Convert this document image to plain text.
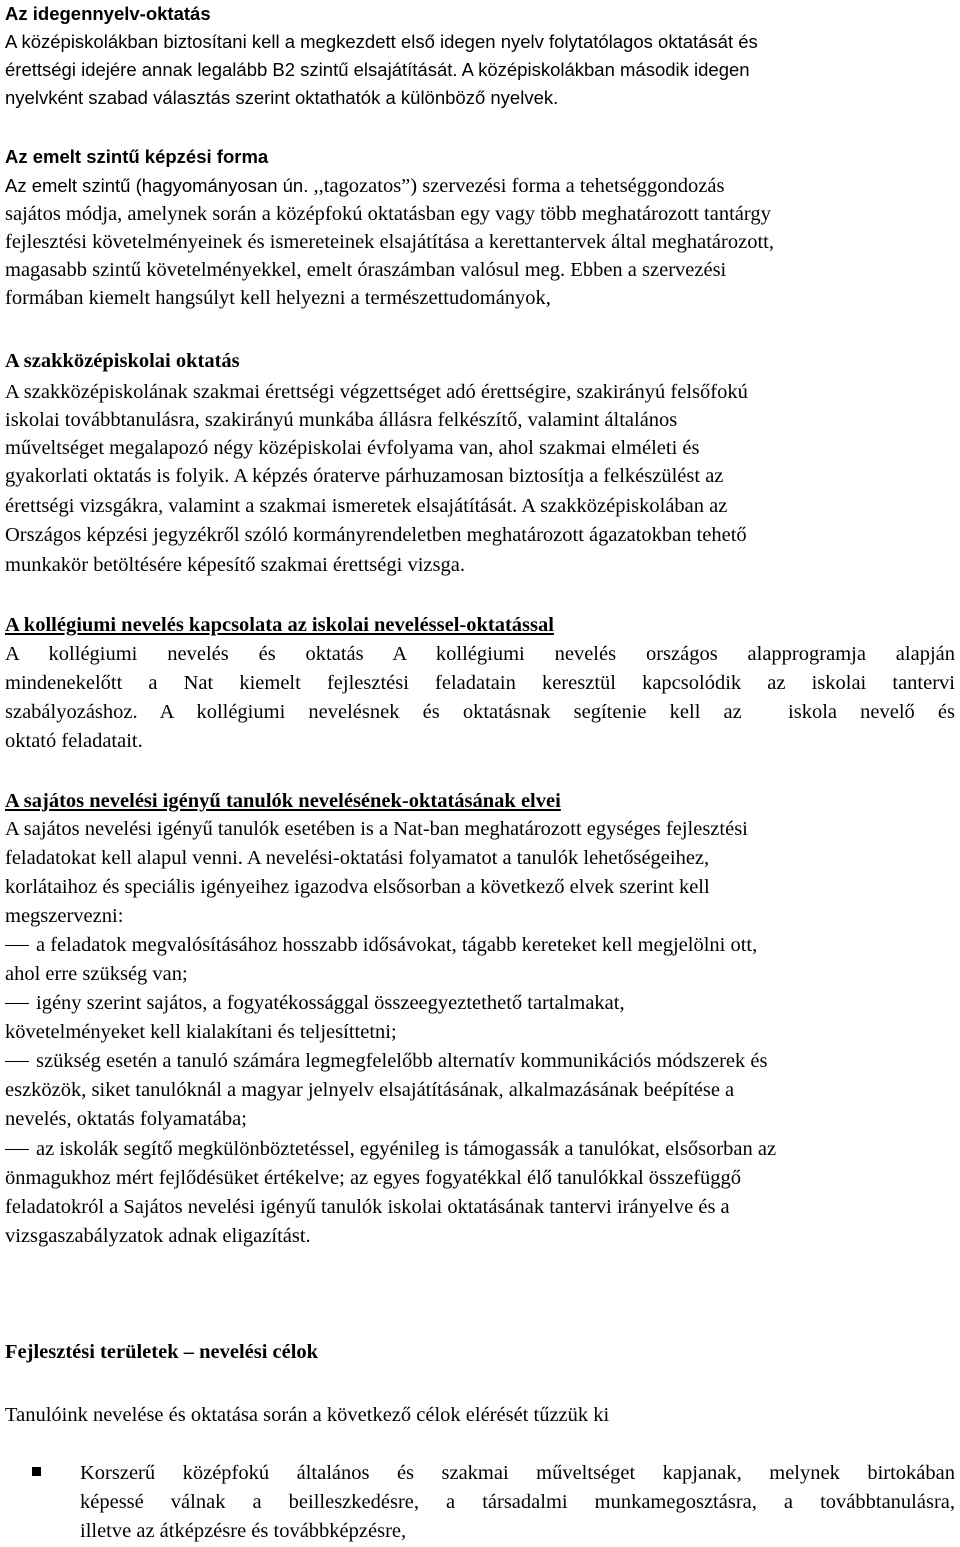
Az idegennyelv-oktatás
A középiskolákban biztosítani kell a megkezdett első idegen nyelv folytatólagos oktatását és
érettségi idejére annak legalább B2 szintű elsajátítását. A középiskolákban második idegen
nyelvként szabad választás szerint oktathatók a különböző nyelvek.
Az emelt szintű képzési forma
Az emelt szintű (hagyományosan ún. ,,tagozatos”) szervezési forma a tehetséggondozás
sajátos módja, amelynek során a középfokú oktatásban egy vagy több meghatározott tantárgy
fejlesztési követelményeinek és ismereteinek elsajátítása a kerettantervek által meghatározott,
magasabb szintű követelményekkel, emelt óraszámban valósul meg. Ebben a szervezési
formában kiemelt hangsúlyt kell helyezni a természettudományok,
A szakközépiskolai oktatás
A szakközépiskolának szakmai érettségi végzettséget adó érettségire, szakirányú felsőfokú
iskolai továbbtanulásra, szakirányú munkába állásra felkészítő, valamint általános
műveltséget megalapozó négy középiskolai évfolyama van, ahol szakmai elméleti és
gyakorlati oktatás is folyik. A képzés óraterve párhuzamosan biztosítja a felkészülést az
érettségi vizsgákra, valamint a szakmai ismeretek elsajátítását. A szakközépiskolában az
Országos képzési jegyzékről szóló kormányrendeletben meghatározott ágazatokban tehető
munkakör betöltésére képesítő szakmai érettségi vizsga.
A kollégiumi nevelés kapcsolata az iskolai neveléssel-oktatással
A kollégiumi nevelés és oktatás A kollégiumi nevelés országos alapprogramja alapján
mindenekelőtt a Nat kiemelt fejlesztési feladatain keresztül kapcsolódik az iskolai tantervi
szabályozáshoz. A kollégiumi nevelésnek és oktatásnak segítenie kell az  iskola nevelő és
oktató feladatait.
A sajátos nevelési igényű tanulók nevelésének-oktatásának elvei
A sajátos nevelési igényű tanulók esetében is a Nat-ban meghatározott egységes fejlesztési
feladatokat kell alapul venni. A nevelési-oktatási folyamatot a tanulók lehetőségeihez,
korlátaihoz és speciális igényeihez igazodva elsősorban a következő elvek szerint kell
megszervezni:
a feladatok megvalósításához hosszabb idősávokat, tágabb kereteket kell megjelölni ott,
ahol erre szükség van;
igény szerint sajátos, a fogyatékossággal összeegyeztethető tartalmakat,
követelményeket kell kialakítani és teljesíttetni;
szükség esetén a tanuló számára legmegfelelőbb alternatív kommunikációs módszerek és
eszközök, siket tanulóknál a magyar jelnyelv elsajátításának, alkalmazásának beépítése a
nevelés, oktatás folyamatába;
az iskolák segítő megkülönböztetéssel, egyénileg is támogassák a tanulókat, elsősorban az
önmagukhoz mért fejlődésüket értékelve; az egyes fogyatékkal élő tanulókkal összefüggő
feladatokról a Sajátos nevelési igényű tanulók iskolai oktatásának tantervi irányelve és a
vizsgaszabályzatok adnak eligazítást.
Fejlesztési területek – nevelési célok
Tanulóink nevelése és oktatása során a következő célok elérését tűzzük ki
Korszerű középfokú általános és szakmai műveltséget kapjanak, melynek birtokában
képessé válnak a beilleszkedésre, a társadalmi munkamegosztásra, a továbbtanulásra,
illetve az átképzésre és továbbképzésre,
